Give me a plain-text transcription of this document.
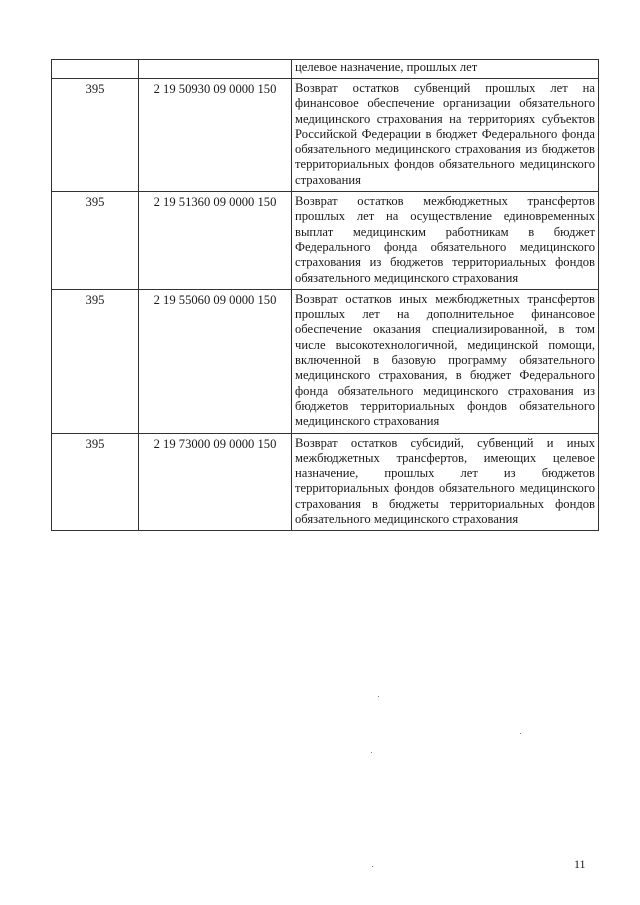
		целевое назначение, прошлых лет
395	2 19 50930 09 0000 150	Возврат остатков субвенций прошлых лет на финансовое обеспечение организации обязательного медицинского страхования на территориях субъектов Российской Федерации в бюджет Федерального фонда обязательного медицинского страхования из бюджетов территориальных фондов обязательного медицинского страхования
395	2 19 51360 09 0000 150	Возврат остатков межбюджетных трансфертов прошлых лет на осуществление единовременных выплат медицинским работникам в бюджет Федерального фонда обязательного медицинского страхования из бюджетов территориальных фондов обязательного медицинского страхования
395	2 19 55060 09 0000 150	Возврат остатков иных межбюджетных трансфертов прошлых лет на дополнительное финансовое обеспечение оказания специализированной, в том числе высокотехнологичной, медицинской помощи, включенной в базовую программу обязательного медицинского страхования, в бюджет Федерального фонда обязательного медицинского страхования из бюджетов территориальных фондов обязательного медицинского страхования
395	2 19 73000 09 0000 150	Возврат остатков субсидий, субвенций и иных межбюджетных трансфертов, имеющих целевое назначение, прошлых лет из бюджетов территориальных фондов обязательного медицинского страхования в бюджеты территориальных фондов обязательного медицинского страхования
11
